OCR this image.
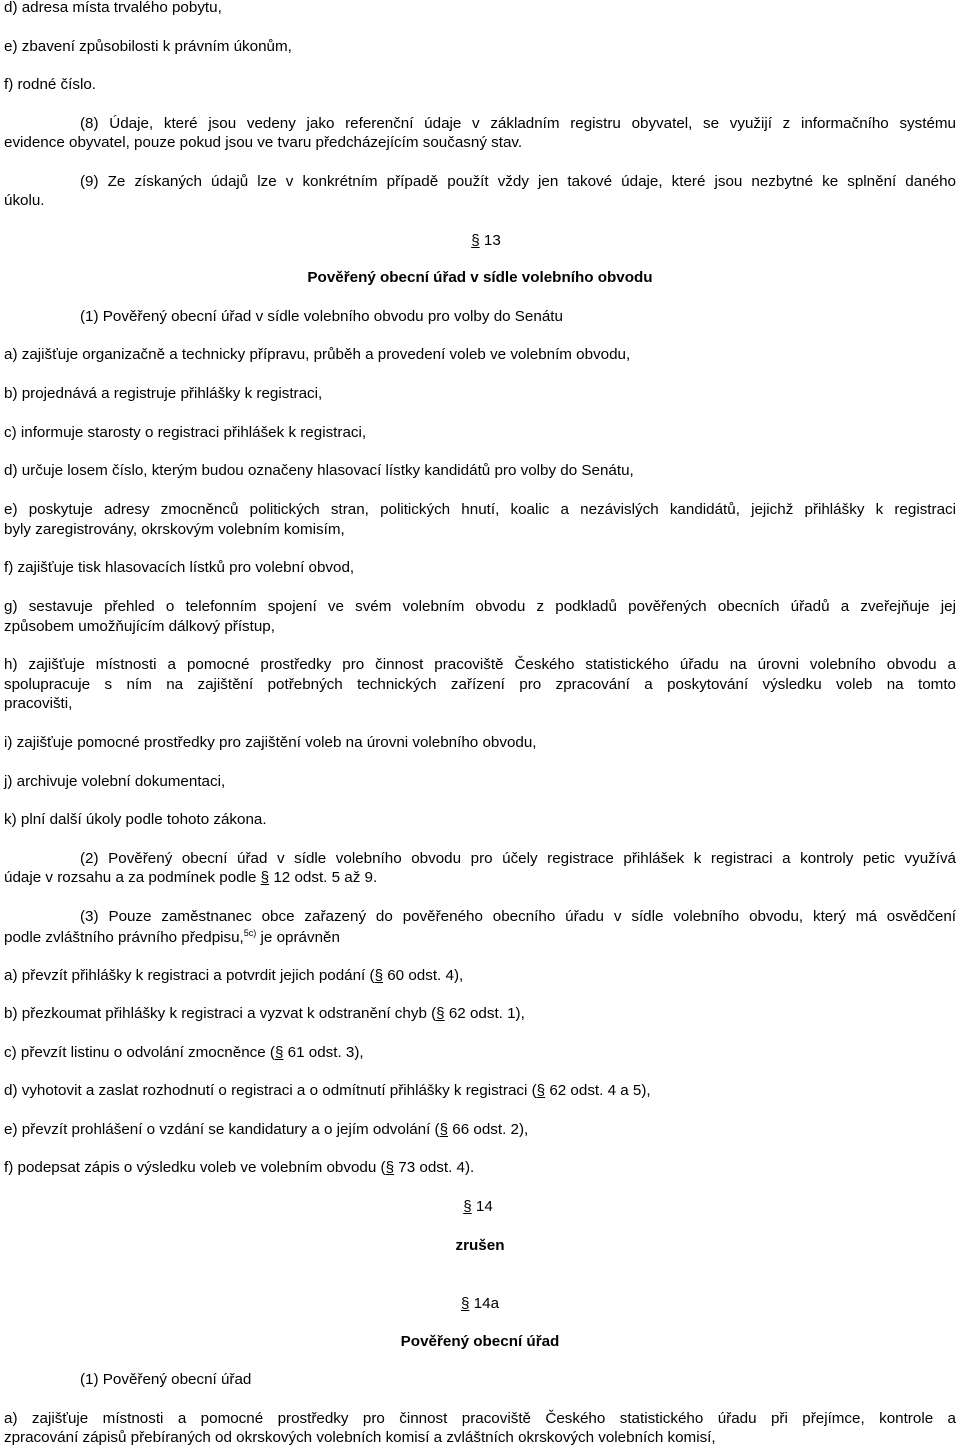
d) adresa místa trvalého pobytu,
e) zbavení způsobilosti k právním úkonům,
f) rodné číslo.
(8) Údaje, které jsou vedeny jako referenční údaje v základním registru obyvatel, se využijí z informačního systému
evidence obyvatel, pouze pokud jsou ve tvaru předcházejícím současný stav.
(9) Ze získaných údajů lze v konkrétním případě použít vždy jen takové údaje, které jsou nezbytné ke splnění daného
úkolu.
§ 13
Pověřený obecní úřad v sídle volebního obvodu
(1) Pověřený obecní úřad v sídle volebního obvodu pro volby do Senátu
a) zajišťuje organizačně a technicky přípravu, průběh a provedení voleb ve volebním obvodu,
b) projednává a registruje přihlášky k registraci,
c) informuje starosty o registraci přihlášek k registraci,
d) určuje losem číslo, kterým budou označeny hlasovací lístky kandidátů pro volby do Senátu,
e) poskytuje adresy zmocněnců politických stran, politických hnutí, koalic a nezávislých kandidátů, jejichž přihlášky k registraci
byly zaregistrovány, okrskovým volebním komisím,
f) zajišťuje tisk hlasovacích lístků pro volební obvod,
g) sestavuje přehled o telefonním spojení ve svém volebním obvodu z podkladů pověřených obecních úřadů a zveřejňuje jej
způsobem umožňujícím dálkový přístup,
h) zajišťuje místnosti a pomocné prostředky pro činnost pracoviště Českého statistického úřadu na úrovni volebního obvodu a
spolupracuje s ním na zajištění potřebných technických zařízení pro zpracování a poskytování výsledku voleb na tomto
pracovišti,
i) zajišťuje pomocné prostředky pro zajištění voleb na úrovni volebního obvodu,
j) archivuje volební dokumentaci,
k) plní další úkoly podle tohoto zákona.
(2) Pověřený obecní úřad v sídle volebního obvodu pro účely registrace přihlášek k registraci a kontroly petic využívá
údaje v rozsahu a za podmínek podle § 12 odst. 5 až 9.
(3) Pouze zaměstnanec obce zařazený do pověřeného obecního úřadu v sídle volebního obvodu, který má osvědčení
podle zvláštního právního předpisu,$^{5c)}$ je oprávněn
a) převzít přihlášky k registraci a potvrdit jejich podání (§ 60 odst. 4),
b) přezkoumat přihlášky k registraci a vyzvat k odstranění chyb (§ 62 odst. 1),
c) převzít listinu o odvolání zmocněnce (§ 61 odst. 3),
d) vyhotovit a zaslat rozhodnutí o registraci a o odmítnutí přihlášky k registraci (§ 62 odst. 4 a 5),
e) převzít prohlášení o vzdání se kandidatury a o jejím odvolání (§ 66 odst. 2),
f) podepsat zápis o výsledku voleb ve volebním obvodu (§ 73 odst. 4).
§ 14
zrušen
§ 14a
Pověřený obecní úřad
(1) Pověřený obecní úřad
a) zajišťuje místnosti a pomocné prostředky pro činnost pracoviště Českého statistického úřadu při přejímce, kontrole a
zpracování zápisů přebíraných od okrskových volebních komisí a zvláštních okrskových volebních komisí,
